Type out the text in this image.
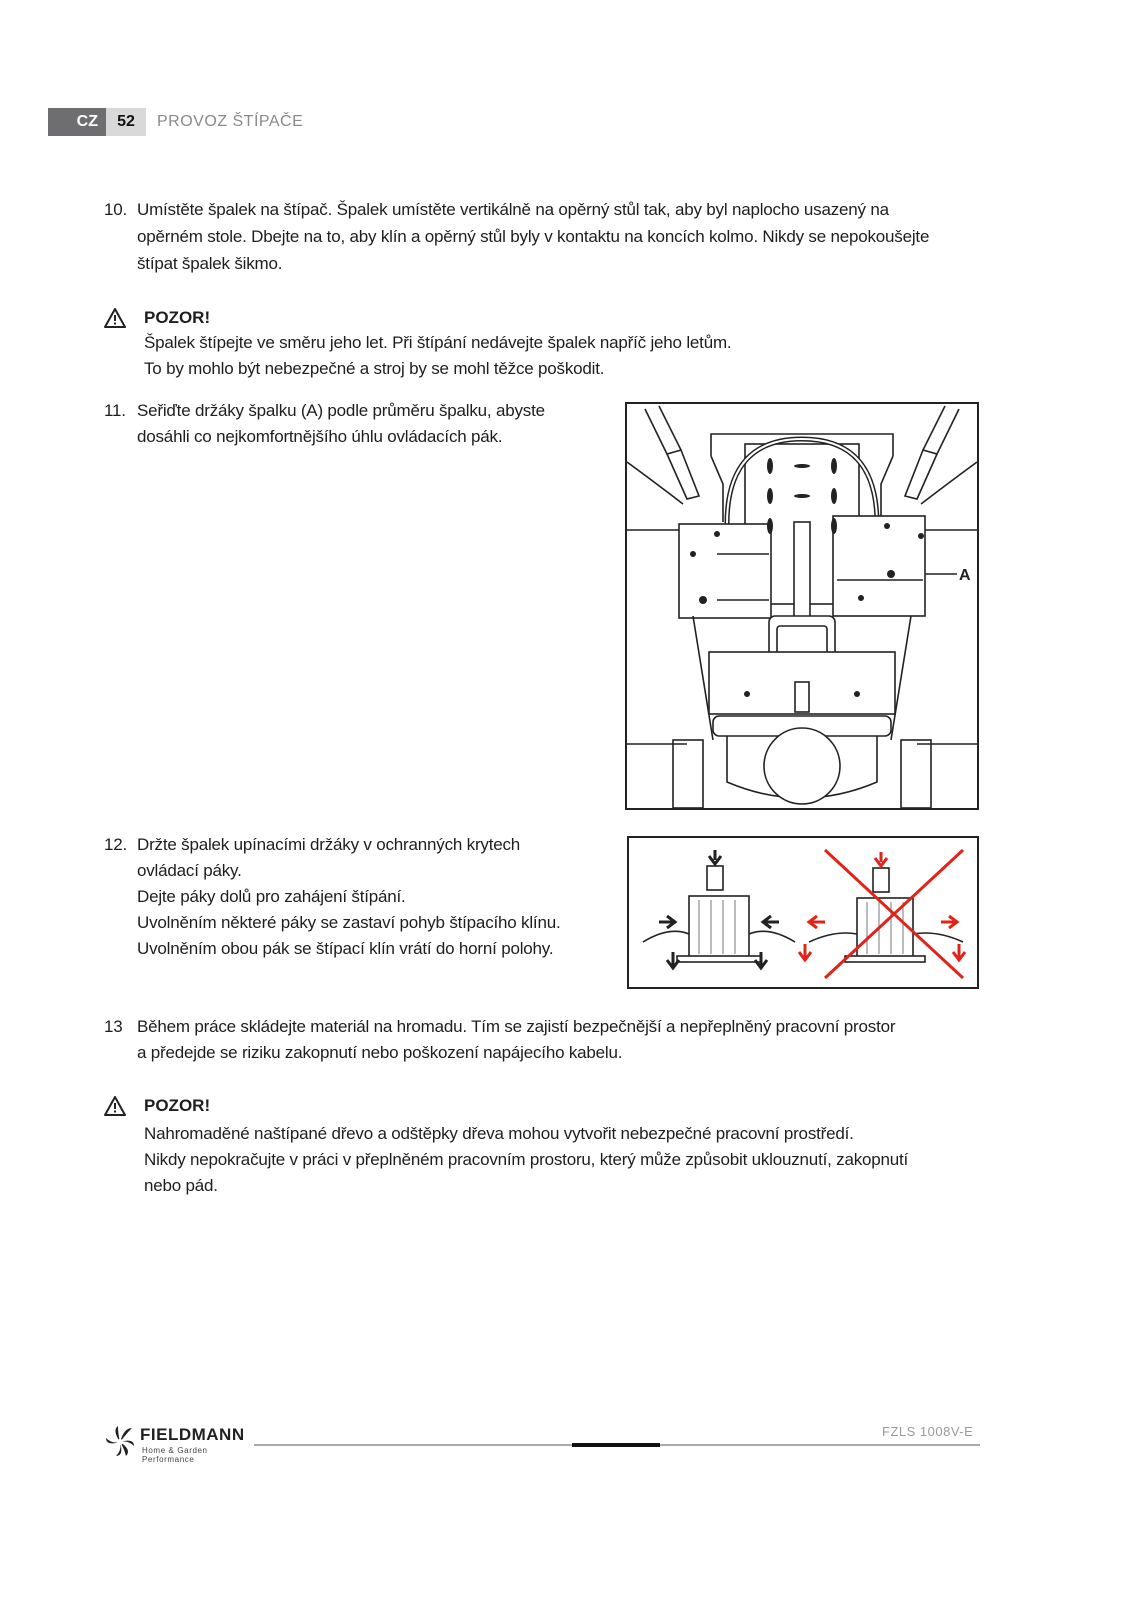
CZ	52	PROVOZ ŠTÍPAČE
10. Umístěte špalek na štípač. Špalek umístěte vertikálně na opěrný stůl tak, aby byl naplocho usazený na
opěrném stole. Dbejte na to, aby klín a opěrný stůl byly v kontaktu na koncích kolmo. Nikdy se nepokoušejte
štípat špalek šikmo.
POZOR!
Špalek štípejte ve směru jeho let. Při štípání nedávejte špalek napříč jeho letům.
To by mohlo být nebezpečné a stroj by se mohl těžce poškodit.
11. Seřiďte držáky špalku (A) podle průměru špalku, abyste
dosáhli co nejkomfortnějšího úhlu ovládacích pák.
A
12. Držte špalek upínacími držáky v ochranných krytech
ovládací páky.
Dejte páky dolů pro zahájení štípání.
Uvolněním některé páky se zastaví pohyb štípacího klínu.
Uvolněním obou pák se štípací klín vrátí do horní polohy.
13 Během práce skládejte materiál na hromadu. Tím se zajistí bezpečnější a nepřeplněný pracovní prostor
a předejde se riziku zakopnutí nebo poškození napájecího kabelu.
POZOR!
Nahromaděné naštípané dřevo a odštěpky dřeva mohou vytvořit nebezpečné pracovní prostředí.
Nikdy nepokračujte v práci v přeplněném pracovním prostoru, který může způsobit uklouznutí, zakopnutí
nebo pád.
FIELDMANN
Home & Garden Performance
FZLS 1008V-E
